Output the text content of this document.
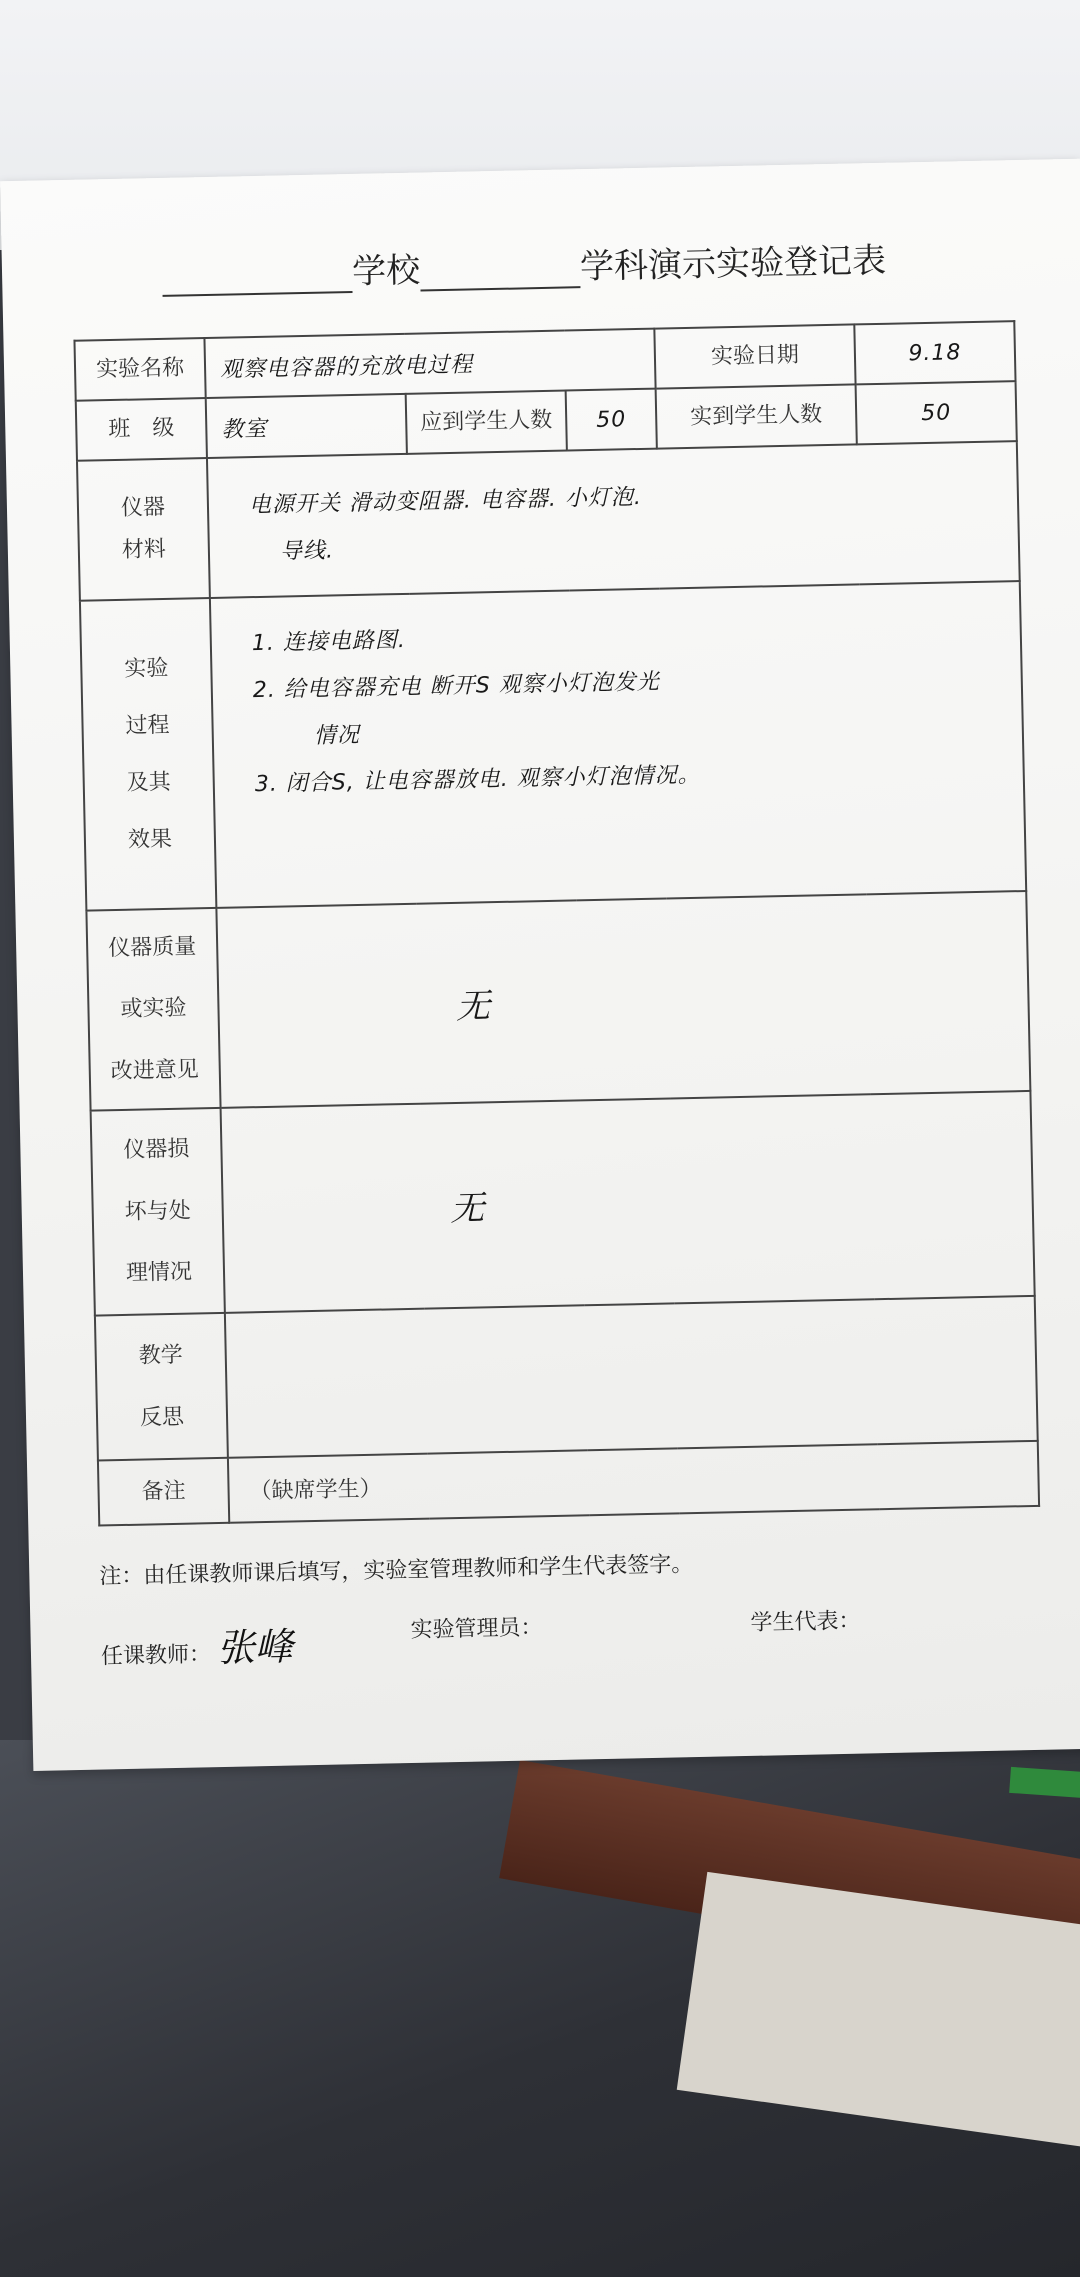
学校	学科演示实验登记表
实验名称	观察电容器的充放电过程			实验日期	9.18
班　级	教室	应到学生人数	50	实到学生人数	50

仪器
材料	电源开关 滑动变阻器. 电容器. 小灯泡.
导线.				

实验
过程
及其
效果	1. 连接电路图.
2. 给电容器充电 断开S 观察小灯泡发光
情况
3. 闭合S, 让电容器放电. 观察小灯泡情况。				

仪器质量
或实验
改进意见	无				

仪器损
坏与处
理情况	无				

教学
反思					

备注	（缺席学生）				
注：由任课教师课后填写，实验室管理教师和学生代表签字。
任课教师： 张峰	实验管理员：	学生代表：
